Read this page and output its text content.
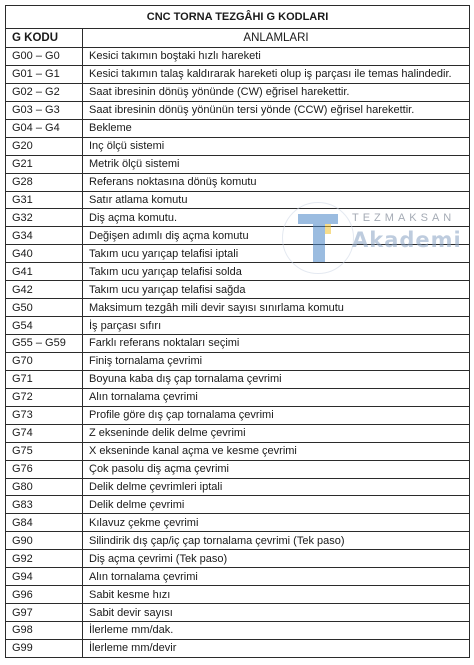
CNC TORNA TEZGÂHI G KODLARI	
G KODU	ANLAMLARI
G00 – G0	Kesici takımın boştaki hızlı hareketi
G01 – G1	Kesici takımın talaş kaldırarak hareketi olup iş parçası ile temas halindedir.
G02 – G2	Saat ibresinin dönüş yönünde (CW) eğrisel harekettir.
G03 – G3	Saat ibresinin dönüş yönünün tersi yönde (CCW) eğrisel harekettir.
G04 – G4	Bekleme
G20	Inç ölçü sistemi
G21	Metrik ölçü sistemi
G28	Referans noktasına dönüş komutu
G31	Satır atlama komutu
G32	Diş açma komutu.
G34	Değişen adımlı diş açma komutu
G40	Takım ucu yarıçap telafisi iptali
G41	Takım ucu yarıçap telafisi solda
G42	Takım ucu yarıçap telafisi sağda
G50	Maksimum tezgâh mili devir sayısı sınırlama komutu
G54	İş parçası sıfırı
G55 – G59	Farklı referans noktaları seçimi
G70	Finiş tornalama çevrimi
G71	Boyuna kaba dış çap tornalama çevrimi
G72	Alın tornalama çevrimi
G73	Profile göre dış çap tornalama çevrimi
G74	Z ekseninde delik delme çevrimi
G75	X ekseninde kanal açma ve kesme çevrimi
G76	Çok pasolu diş açma çevrimi
G80	Delik delme çevrimleri iptali
G83	Delik delme çevrimi
G84	Kılavuz çekme çevrimi
G90	Silindirik dış çap/iç çap tornalama çevrimi (Tek paso)
G92	Diş açma çevrimi (Tek paso)
G94	Alın tornalama çevrimi
G96	Sabit kesme hızı
G97	Sabit devir sayısı
G98	İlerleme mm/dak.
G99	İlerleme mm/devir
TEZMAKSAN
Akademi
